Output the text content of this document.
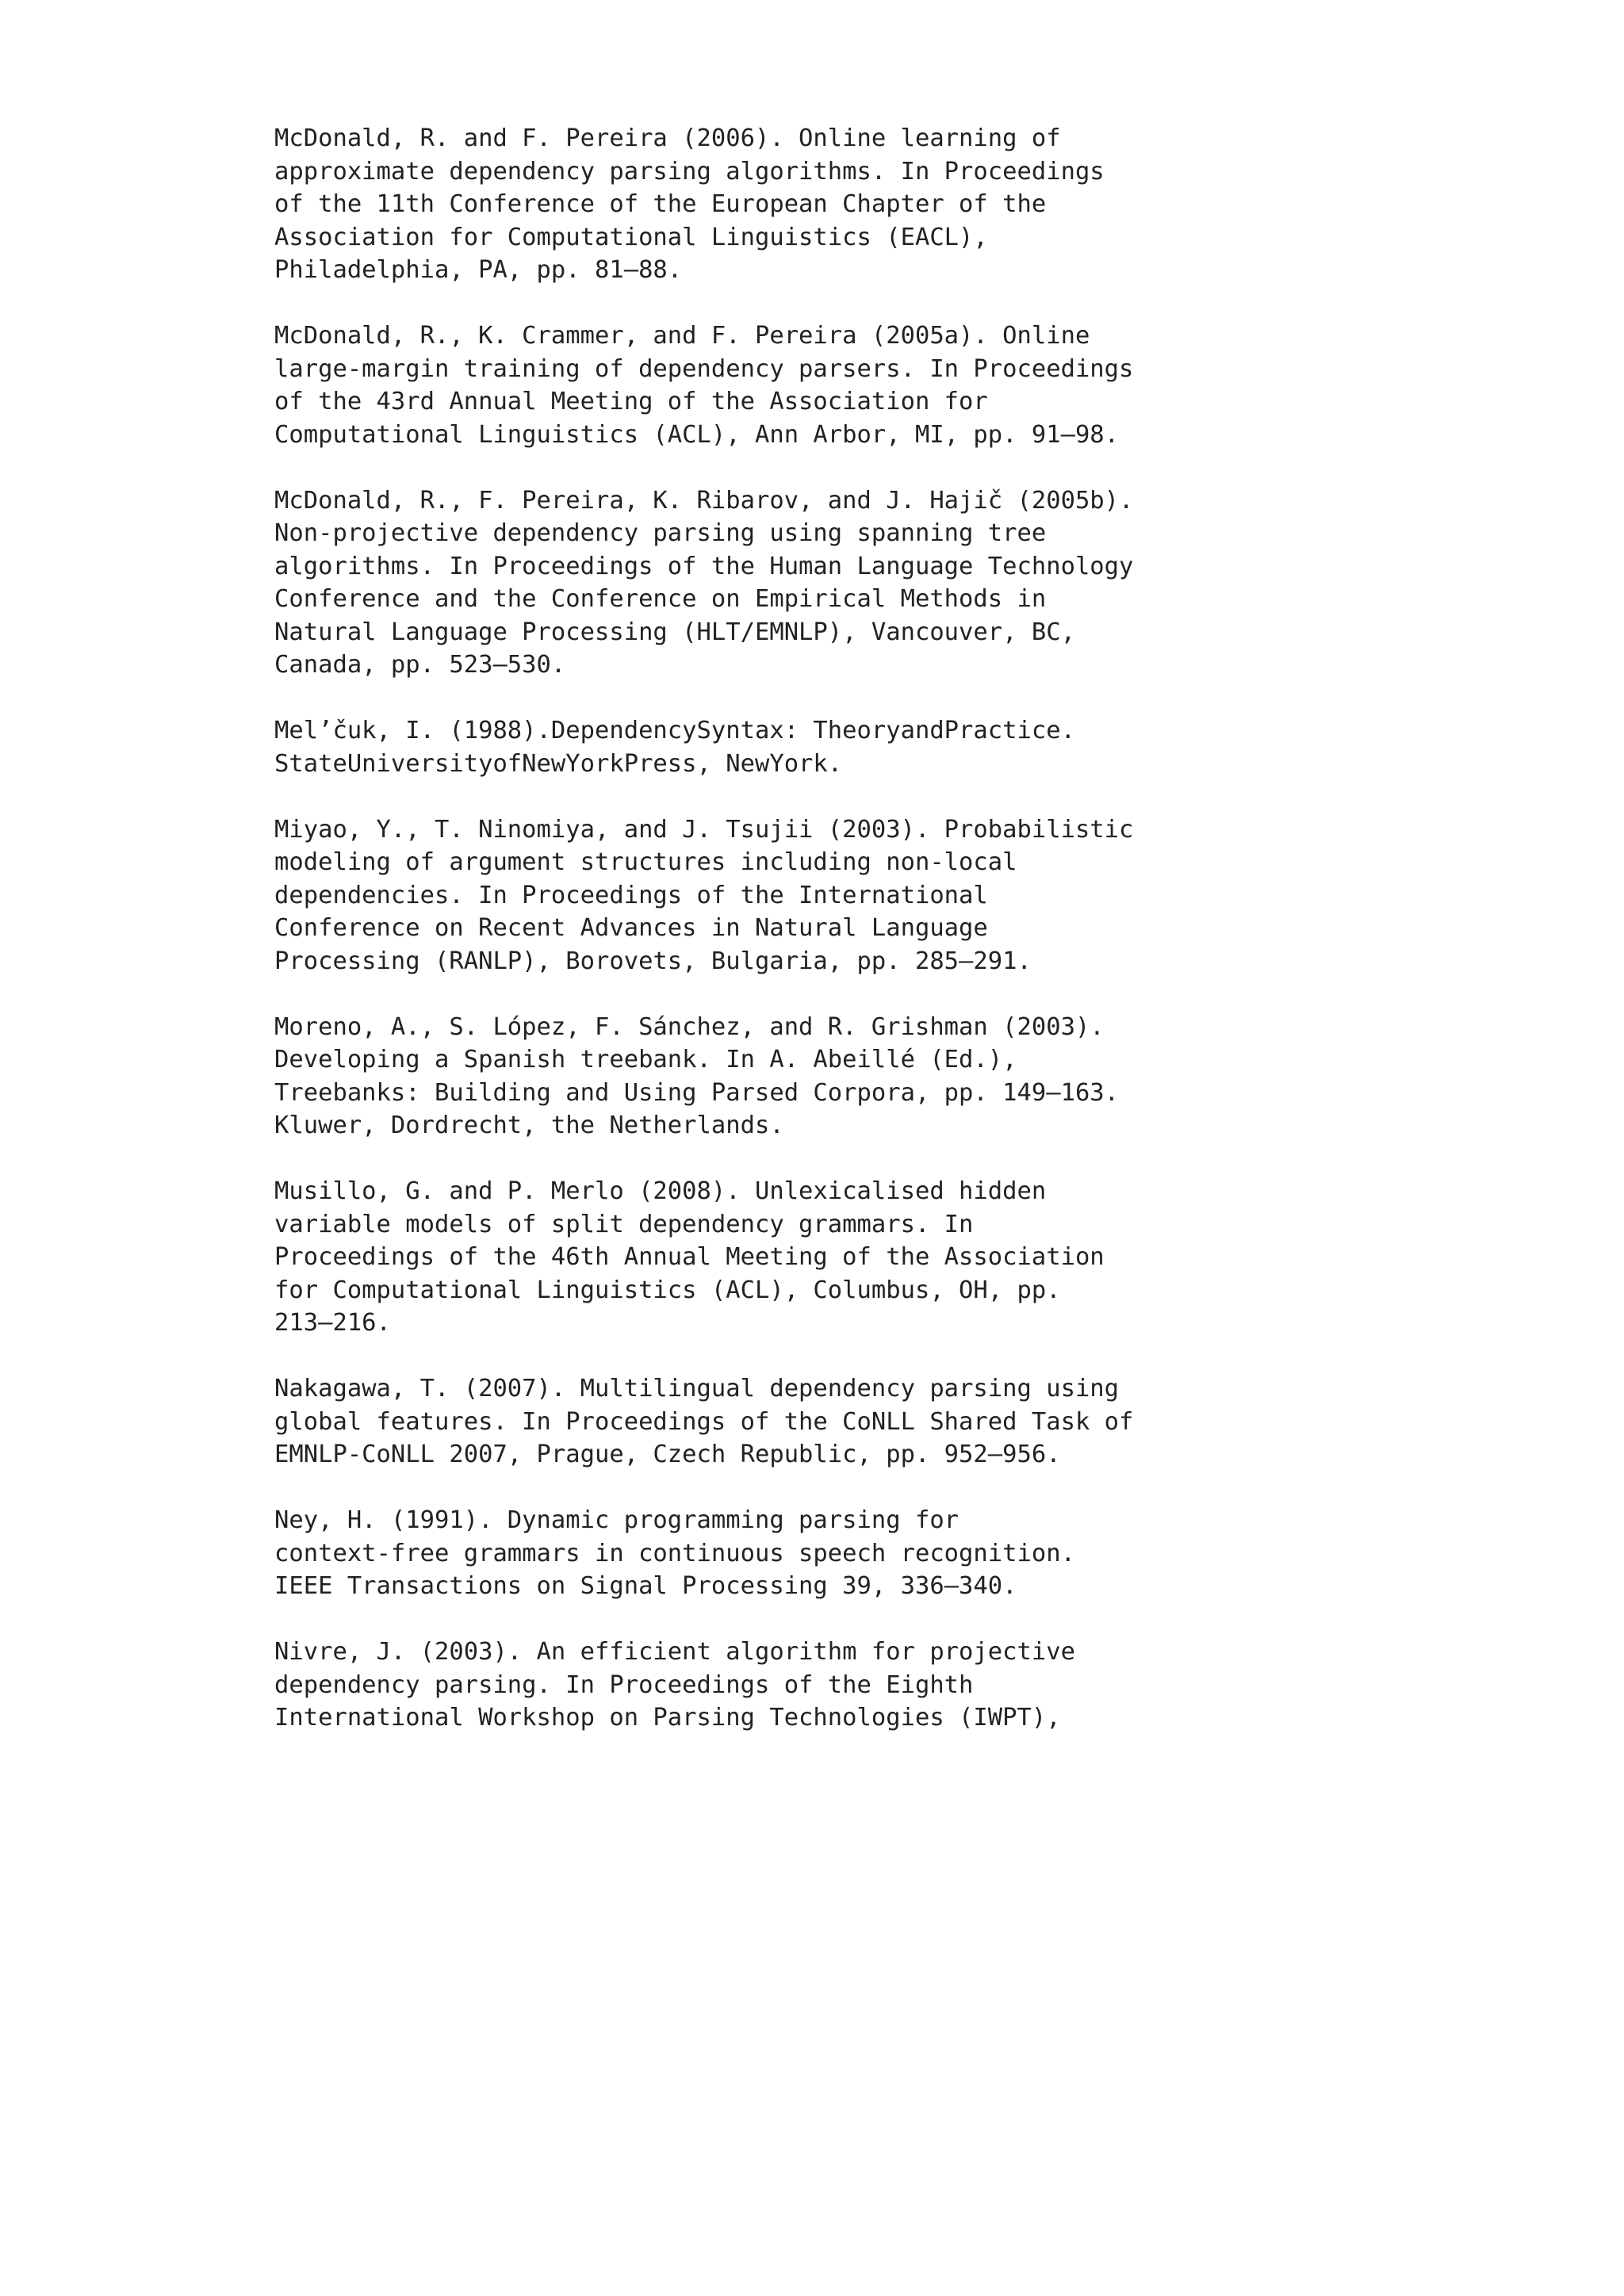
McDonald, R. and F. Pereira (2006). Online learning of
approximate dependency parsing algorithms. In Proceedings
of the 11th Conference of the European Chapter of the
Association for Computational Linguistics (EACL),
Philadelphia, PA, pp. 81–88.
McDonald, R., K. Crammer, and F. Pereira (2005a). Online
large-margin training of dependency parsers. In Proceedings
of the 43rd Annual Meeting of the Association for
Computational Linguistics (ACL), Ann Arbor, MI, pp. 91–98.
McDonald, R., F. Pereira, K. Ribarov, and J. Hajič (2005b).
Non-projective dependency parsing using spanning tree
algorithms. In Proceedings of the Human Language Technology
Conference and the Conference on Empirical Methods in
Natural Language Processing (HLT/EMNLP), Vancouver, BC,
Canada, pp. 523–530.
Mel’čuk, I. (1988).DependencySyntax: TheoryandPractice.
StateUniversityofNewYorkPress, NewYork.
Miyao, Y., T. Ninomiya, and J. Tsujii (2003). Probabilistic
modeling of argument structures including non-local
dependencies. In Proceedings of the International
Conference on Recent Advances in Natural Language
Processing (RANLP), Borovets, Bulgaria, pp. 285–291.
Moreno, A., S. López, F. Sánchez, and R. Grishman (2003).
Developing a Spanish treebank. In A. Abeillé (Ed.),
Treebanks: Building and Using Parsed Corpora, pp. 149–163.
Kluwer, Dordrecht, the Netherlands.
Musillo, G. and P. Merlo (2008). Unlexicalised hidden
variable models of split dependency grammars. In
Proceedings of the 46th Annual Meeting of the Association
for Computational Linguistics (ACL), Columbus, OH, pp.
213–216.
Nakagawa, T. (2007). Multilingual dependency parsing using
global features. In Proceedings of the CoNLL Shared Task of
EMNLP-CoNLL 2007, Prague, Czech Republic, pp. 952–956.
Ney, H. (1991). Dynamic programming parsing for
context-free grammars in continuous speech recognition.
IEEE Transactions on Signal Processing 39, 336–340.
Nivre, J. (2003). An efficient algorithm for projective
dependency parsing. In Proceedings of the Eighth
International Workshop on Parsing Technologies (IWPT),
